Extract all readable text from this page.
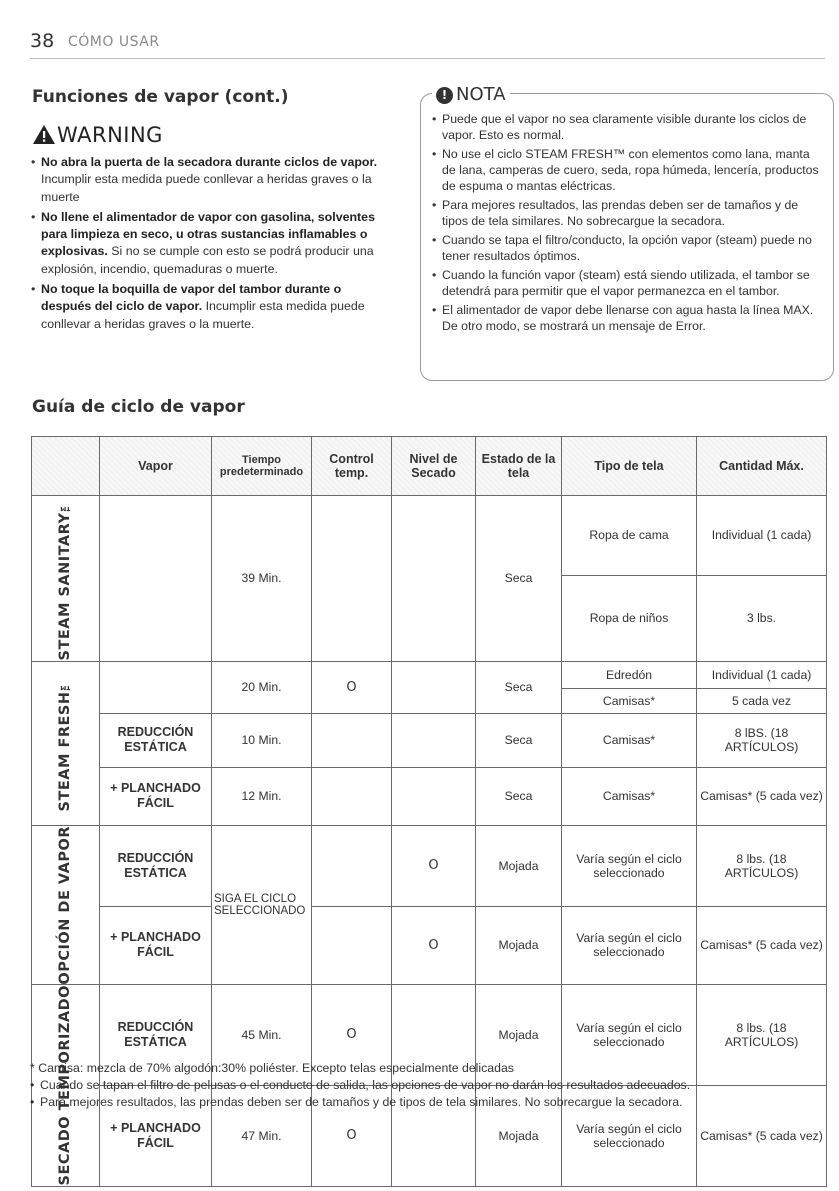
38 CÓMO USAR
Funciones de vapor (cont.)
WARNING
• No abra la puerta de la secadora durante ciclos de vapor. Incumplir esta medida puede conllevar a heridas graves o la muerte
• No llene el alimentador de vapor con gasolina, solventes para limpieza en seco, u otras sustancias inflamables o explosivas. Si no se cumple con esto se podrá producir una explosión, incendio, quemaduras o muerte.
• No toque la boquilla de vapor del tambor durante o después del ciclo de vapor. Incumplir esta medida puede conllevar a heridas graves o la muerte.
! NOTA
• Puede que el vapor no sea claramente visible durante los ciclos de vapor. Esto es normal.
• No use el ciclo STEAM FRESH™ con elementos como lana, manta de lana, camperas de cuero, seda, ropa húmeda, lencería, productos de espuma o mantas eléctricas.
• Para mejores resultados, las prendas deben ser de tamaños y de tipos de tela similares. No sobrecargue la secadora.
• Cuando se tapa el filtro/conducto, la opción vapor (steam) puede no tener resultados óptimos.
• Cuando la función vapor (steam) está siendo utilizada, el tambor se detendrá para permitir que el vapor permanezca en el tambor.
• El alimentador de vapor debe llenarse con agua hasta la línea MAX. De otro modo, se mostrará un mensaje de Error.
Guía de ciclo de vapor
	Vapor	Tiempo predeterminado	Control temp.	Nivel de Secado	Estado de la tela	Tipo de tela	Cantidad Máx.

STEAM SANITARY™		39 Min.			Seca	Ropa de cama	Individual (1 cada)
						Ropa de niños	3 lbs.

STEAM FRESH™		20 Min.	O		Seca	Edredón	Individual (1 cada)
						Camisas*	5 cada vez
	REDUCCIÓN ESTÁTICA	10 Min.			Seca	Camisas*	8 lBS. (18 ARTÍCULOS)
	+ PLANCHADO FÁCIL	12 Min.			Seca	Camisas*	Camisas* (5 cada vez)

OPCIÓN DE VAPOR	REDUCCIÓN ESTÁTICA	SIGA EL CICLO SELECCIONADO		O	Mojada	Varía según el ciclo seleccionado	8 lbs. (18 ARTÍCULOS)
	+ PLANCHADO FÁCIL			O	Mojada	Varía según el ciclo seleccionado	Camisas* (5 cada vez)

SECADO TEMPORIZADO	REDUCCIÓN ESTÁTICA	45 Min.	O		Mojada	Varía según el ciclo seleccionado	8 lbs. (18 ARTÍCULOS)
	+ PLANCHADO FÁCIL	47 Min.	O		Mojada	Varía según el ciclo seleccionado	Camisas* (5 cada vez)
* Camisa: mezcla de 70% algodón:30% poliéster. Excepto telas especialmente delicadas
• Cuando se tapan el filtro de pelusas o el conducto de salida, las opciones de vapor no darán los resultados adecuados.
• Para mejores resultados, las prendas deben ser de tamaños y de tipos de tela similares. No sobrecargue la secadora.
